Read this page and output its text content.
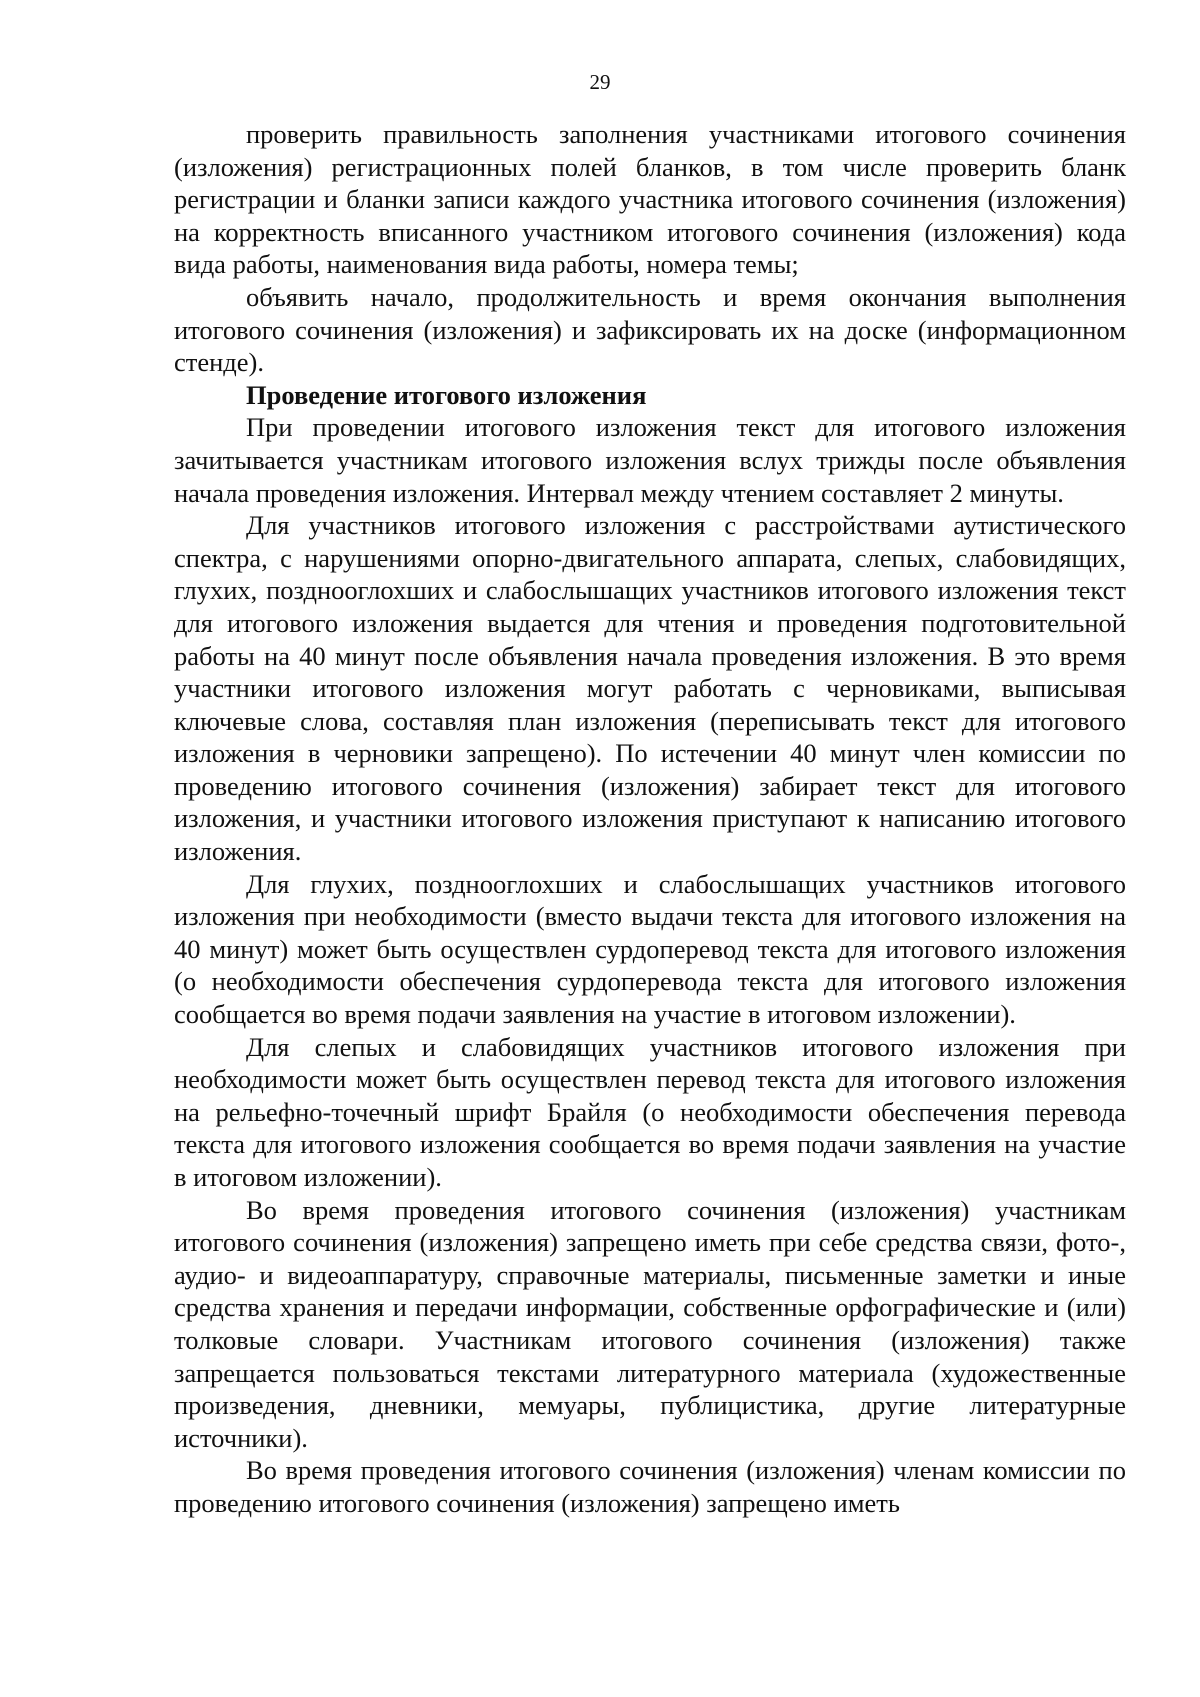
29

проверить правильность заполнения участниками итогового сочинения (изложения) регистрационных полей бланков, в том числе проверить бланк регистрации и бланки записи каждого участника итогового сочинения (изложения) на корректность вписанного участником итогового сочинения (изложения) кода вида работы, наименования вида работы, номера темы;

объявить начало, продолжительность и время окончания выполнения итогового сочинения (изложения) и зафиксировать их на доске (информационном стенде).

Проведение итогового изложения

При проведении итогового изложения текст для итогового изложения зачитывается участникам итогового изложения вслух трижды после объявления начала проведения изложения. Интервал между чтением составляет 2 минуты.

Для участников итогового изложения с расстройствами аутистического спектра, с нарушениями опорно-двигательного аппарата, слепых, слабовидящих, глухих, позднооглохших и слабослышащих участников итогового изложения текст для итогового изложения выдается для чтения и проведения подготовительной работы на 40 минут после объявления начала проведения изложения. В это время участники итогового изложения могут работать с черновиками, выписывая ключевые слова, составляя план изложения (переписывать текст для итогового изложения в черновики запрещено). По истечении 40 минут член комиссии по проведению итогового сочинения (изложения) забирает текст для итогового изложения, и участники итогового изложения приступают к написанию итогового изложения.

Для глухих, позднооглохших и слабослышащих участников итогового изложения при необходимости (вместо выдачи текста для итогового изложения на 40 минут) может быть осуществлен сурдоперевод текста для итогового изложения (о необходимости обеспечения сурдоперевода текста для итогового изложения сообщается во время подачи заявления на участие в итоговом изложении).

Для слепых и слабовидящих участников итогового изложения при необходимости может быть осуществлен перевод текста для итогового изложения на рельефно-точечный шрифт Брайля (о необходимости обеспечения перевода текста для итогового изложения сообщается во время подачи заявления на участие в итоговом изложении).

Во время проведения итогового сочинения (изложения) участникам итогового сочинения (изложения) запрещено иметь при себе средства связи, фото-, аудио- и видеоаппаратуру, справочные материалы, письменные заметки и иные средства хранения и передачи информации, собственные орфографические и (или) толковые словари. Участникам итогового сочинения (изложения) также запрещается пользоваться текстами литературного материала (художественные произведения, дневники, мемуары, публицистика, другие литературные источники).

Во время проведения итогового сочинения (изложения) членам комиссии по проведению итогового сочинения (изложения) запрещено иметь
